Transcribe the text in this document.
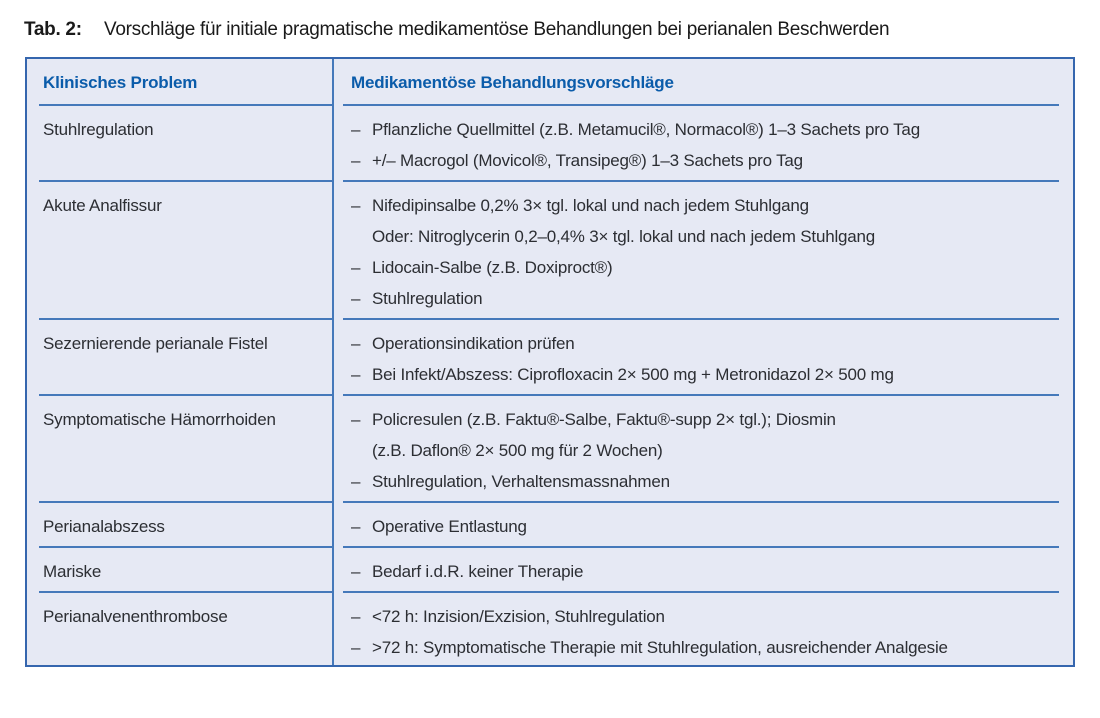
Tab. 2:	Vorschläge für initiale pragmatische medikamentöse Behandlungen bei perianalen Beschwerden
Klinisches Problem	Medikamentöse Behandlungsvorschläge
Stuhlregulation	– Pflanzliche Quellmittel (z.B. Metamucil®, Normacol®) 1–3 Sachets pro Tag
– +/– Macrogol (Movicol®, Transipeg®) 1–3 Sachets pro Tag
Akute Analfissur	– Nifedipinsalbe 0,2% 3× tgl. lokal und nach jedem Stuhlgang
Oder: Nitroglycerin 0,2–0,4% 3× tgl. lokal und nach jedem Stuhlgang
– Lidocain-Salbe (z.B. Doxiproct®)
– Stuhlregulation
Sezernierende perianale Fistel	– Operationsindikation prüfen
– Bei Infekt/Abszess: Ciprofloxacin 2× 500 mg + Metronidazol 2× 500 mg
Symptomatische Hämorrhoiden	– Policresulen (z.B. Faktu®-Salbe, Faktu®-supp 2× tgl.); Diosmin
(z.B. Daflon® 2× 500 mg für 2 Wochen)
– Stuhlregulation, Verhaltensmassnahmen
Perianalabszess	– Operative Entlastung
Mariske	– Bedarf i.d.R. keiner Therapie
Perianalvenenthrombose	– <72 h: Inzision/Exzision, Stuhlregulation
– >72 h: Symptomatische Therapie mit Stuhlregulation, ausreichender Analgesie
